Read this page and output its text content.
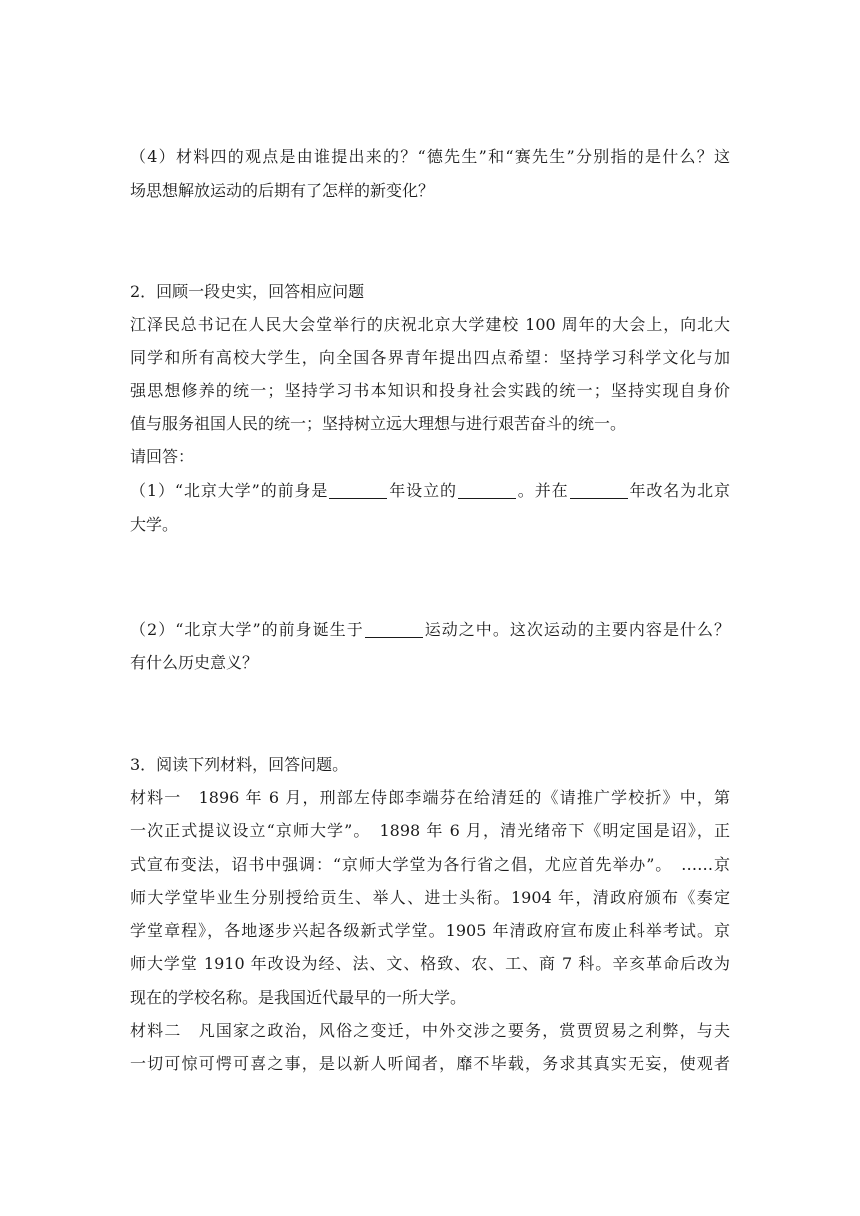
（4）材料四的观点是由谁提出来的？“德先生”和“赛先生”分别指的是什么？这
场思想解放运动的后期有了怎样的新变化？
2．回顾一段史实，回答相应问题
江泽民总书记在人民大会堂举行的庆祝北京大学建校 100 周年的大会上，向北大
同学和所有高校大学生，向全国各界青年提出四点希望：坚持学习科学文化与加
强思想修养的统一；坚持学习书本知识和投身社会实践的统一；坚持实现自身价
值与服务祖国人民的统一；坚持树立远大理想与进行艰苦奋斗的统一。
请回答：
（1）“北京大学”的前身是	年设立的	。并在	年改名为北京
大学。
（2）“北京大学”的前身诞生于	运动之中。这次运动的主要内容是什么？
有什么历史意义？
3．阅读下列材料，回答问题。
材料一　1896 年 6 月，刑部左侍郎李端芬在给清廷的《请推广学校折》中，第
一次正式提议设立“京师大学”。　1898 年 6 月，清光绪帝下《明定国是诏》，正
式宣布变法，诏书中强调：“京师大学堂为各行省之倡，尤应首先举办”。　……京
师大学堂毕业生分别授给贡生、举人、进士头衔。1904 年，清政府颁布《奏定
学堂章程》，各地逐步兴起各级新式学堂。1905 年清政府宣布废止科举考试。京
师大学堂 1910 年改设为经、法、文、格致、农、工、商 7 科。辛亥革命后改为
现在的学校名称。是我国近代最早的一所大学。
材料二　凡国家之政治，风俗之变迁，中外交涉之要务，赏贾贸易之利弊，与夫
一切可惊可愕可喜之事，是以新人听闻者，靡不毕载，务求其真实无妄，使观者
